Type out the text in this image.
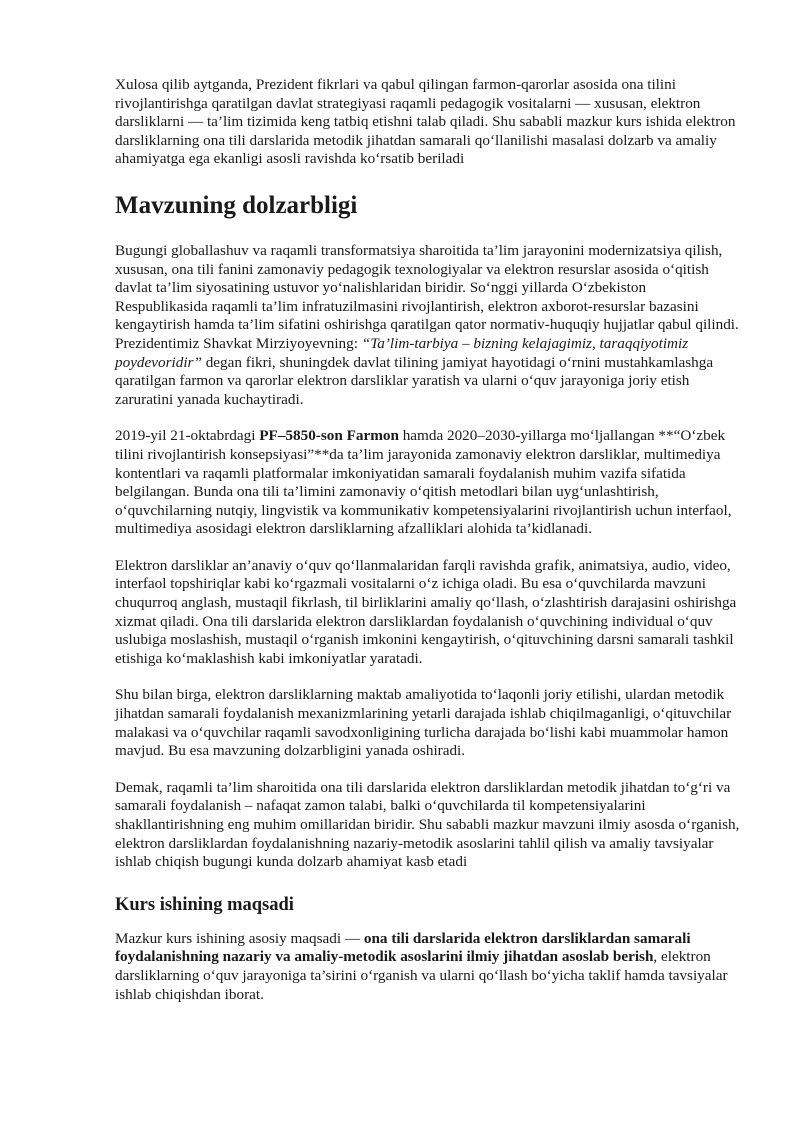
Xulosa qilib aytganda, Prezident fikrlari va qabul qilingan farmon-qarorlar asosida ona tilini rivojlantirishga qaratilgan davlat strategiyasi raqamli pedagogik vositalarni — xususan, elektron darsliklarni — ta’lim tizimida keng tatbiq etishni talab qiladi. Shu sababli mazkur kurs ishida elektron darsliklarning ona tili darslarida metodik jihatdan samarali qo‘llanilishi masalasi dolzarb va amaliy ahamiyatga ega ekanligi asosli ravishda ko‘rsatib beriladi

Mavzuning dolzarbligi

Bugungi globallashuv va raqamli transformatsiya sharoitida ta’lim jarayonini modernizatsiya qilish, xususan, ona tili fanini zamonaviy pedagogik texnologiyalar va elektron resurslar asosida o‘qitish davlat ta’lim siyosatining ustuvor yo‘nalishlaridan biridir. So‘nggi yillarda O‘zbekiston Respublikasida raqamli ta’lim infratuzilmasini rivojlantirish, elektron axborot-resurslar bazasini kengaytirish hamda ta’lim sifatini oshirishga qaratilgan qator normativ-huquqiy hujjatlar qabul qilindi. Prezidentimiz Shavkat Mirziyoyevning: “Ta’lim-tarbiya – bizning kelajagimiz, taraqqiyotimiz poydevoridir” degan fikri, shuningdek davlat tilining jamiyat hayotidagi o‘rnini mustahkamlashga qaratilgan farmon va qarorlar elektron darsliklar yaratish va ularni o‘quv jarayoniga joriy etish zaruratini yanada kuchaytiradi.

2019-yil 21-oktabrdagi PF–5850-son Farmon hamda 2020–2030-yillarga mo‘ljallangan **“O‘zbek tilini rivojlantirish konsepsiyasi”**da ta’lim jarayonida zamonaviy elektron darsliklar, multimediya kontentlari va raqamli platformalar imkoniyatidan samarali foydalanish muhim vazifa sifatida belgilangan. Bunda ona tili ta’limini zamonaviy o‘qitish metodlari bilan uyg‘unlashtirish, o‘quvchilarning nutqiy, lingvistik va kommunikativ kompetensiyalarini rivojlantirish uchun interfaol, multimediya asosidagi elektron darsliklarning afzalliklari alohida ta’kidlanadi.

Elektron darsliklar an’anaviy o‘quv qo‘llanmalaridan farqli ravishda grafik, animatsiya, audio, video, interfaol topshiriqlar kabi ko‘rgazmali vositalarni o‘z ichiga oladi. Bu esa o‘quvchilarda mavzuni chuqurroq anglash, mustaqil fikrlash, til birliklarini amaliy qo‘llash, o‘zlashtirish darajasini oshirishga xizmat qiladi. Ona tili darslarida elektron darsliklardan foydalanish o‘quvchining individual o‘quv uslubiga moslashish, mustaqil o‘rganish imkonini kengaytirish, o‘qituvchining darsni samarali tashkil etishiga ko‘maklashish kabi imkoniyatlar yaratadi.

Shu bilan birga, elektron darsliklarning maktab amaliyotida to‘laqonli joriy etilishi, ulardan metodik jihatdan samarali foydalanish mexanizmlarining yetarli darajada ishlab chiqilmaganligi, o‘qituvchilar malakasi va o‘quvchilar raqamli savodxonligining turlicha darajada bo‘lishi kabi muammolar hamon mavjud. Bu esa mavzuning dolzarbligini yanada oshiradi.

Demak, raqamli ta’lim sharoitida ona tili darslarida elektron darsliklardan metodik jihatdan to‘g‘ri va samarali foydalanish – nafaqat zamon talabi, balki o‘quvchilarda til kompetensiyalarini shakllantirishning eng muhim omillaridan biridir. Shu sababli mazkur mavzuni ilmiy asosda o‘rganish, elektron darsliklardan foydalanishning nazariy-metodik asoslarini tahlil qilish va amaliy tavsiyalar ishlab chiqish bugungi kunda dolzarb ahamiyat kasb etadi

Kurs ishining maqsadi

Mazkur kurs ishining asosiy maqsadi — ona tili darslarida elektron darsliklardan samarali foydalanishning nazariy va amaliy-metodik asoslarini ilmiy jihatdan asoslab berish, elektron darsliklarning o‘quv jarayoniga ta’sirini o‘rganish va ularni qo‘llash bo‘yicha taklif hamda tavsiyalar ishlab chiqishdan iborat.
